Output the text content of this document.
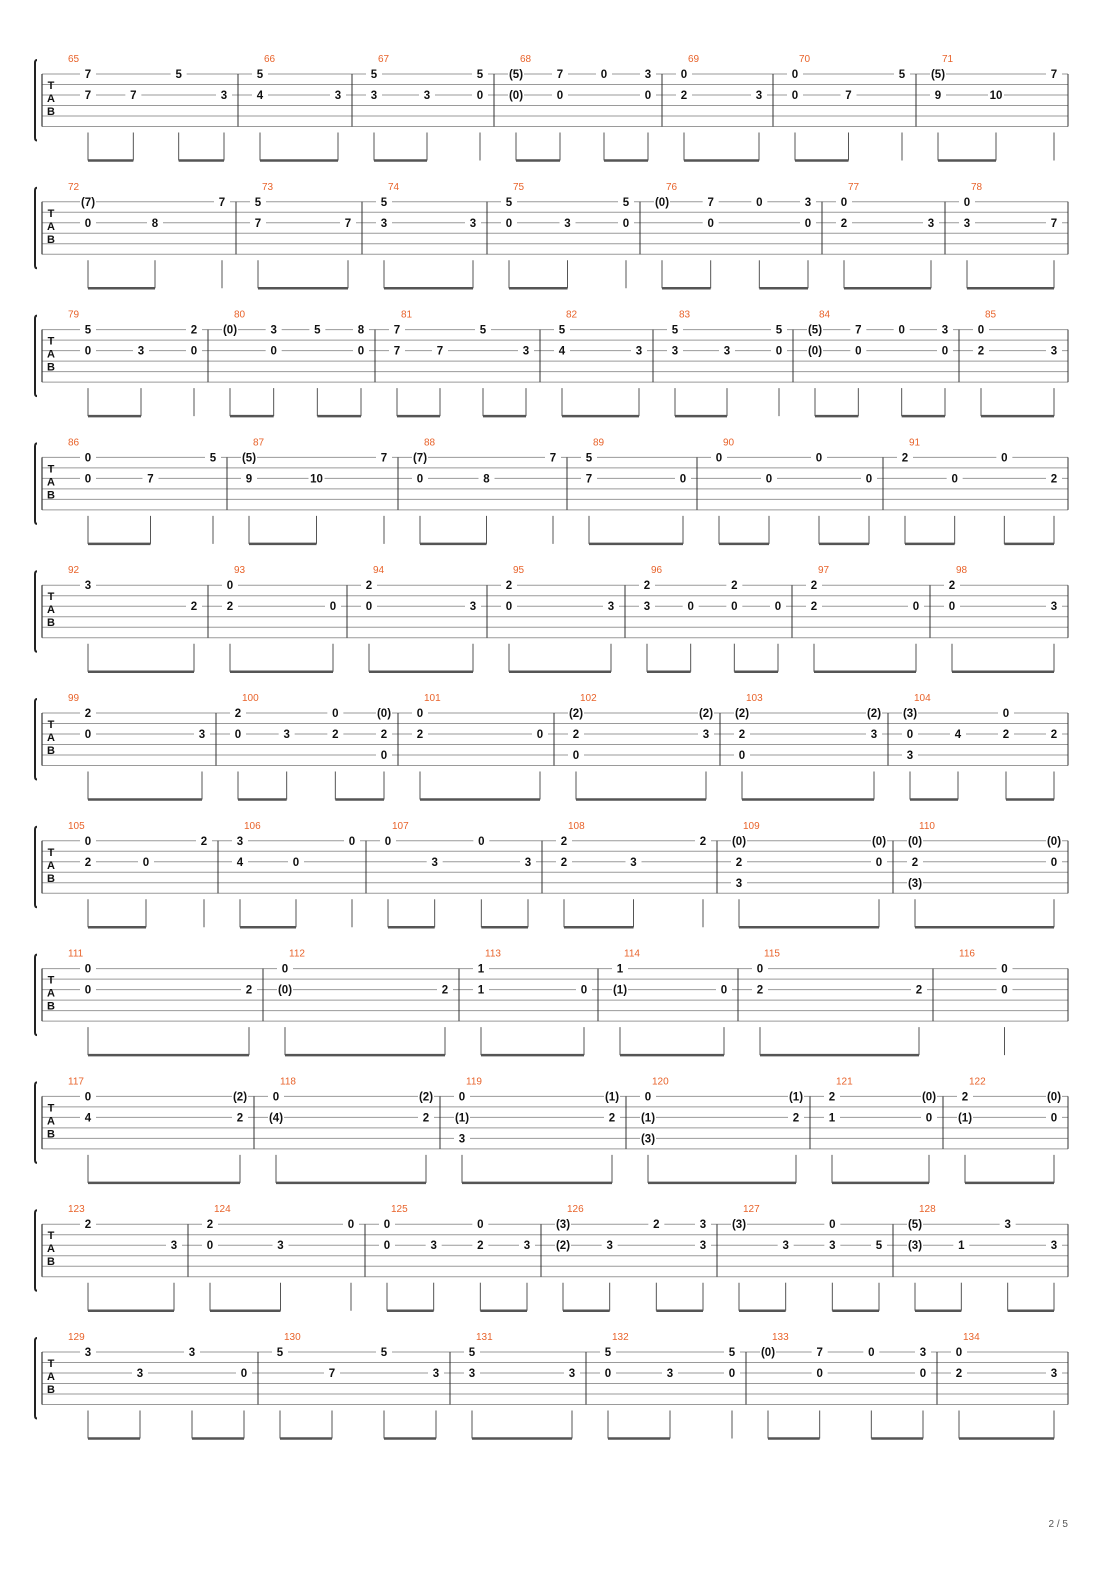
T
A
B
65
7
7	7
5
3
66
5
4	3
67
5
3	3
5
0
68
(5)
(0)
7
0
0	3
0
69
0
2	3
70
0
0	7
5
71
(5)
9	10
7
T
A
B
72
(7)
0	8
7
73
5
7	7
74
5
3	3
75
5
0	3
5
0
76
(0)	7
0
0	3
0
77
0
2	3
78
0
3	7
T
A
B
79
5
0	3
2
0
80
(0)	3
0
5	8
0
81
7
7	7
5
3
82
5
4	3
83
5
3	3
5
0
84
(5)
(0)
7
0
0	3
0
85
0
2	3
T
A
B
86
0
0	7
5
87
(5)
9	10
7
88
(7)
0	8
7
89
5
7	0
90
0
0
0
0
91
2
0
0
2
T
A
B
92
3
2
93
0
2	0
94
2
0	3
95
2
0	3
96
2
3	0
2
0	0
97
2
2	0
98
2
0	3
T
A
B
99
2
0	3
100
2
0	3
0
2
(0)
2
0
101
0
2	0
102
(2)
2
0
(2)
3
103
(2)
2
0
(2)
3
104
(3)
0
3
4
0
2	2
T
A
B
105
0
2	0
2
106
3
4	0
0
107
0
3
0
3
108
2
2	3
2
109
(0)
2
3
(0)
0
110
(0)
2
(3)
(0)
0
T
A
B
111
0
0	2
112
0
(0)	2
113
1
1	0
114
1
(1)	0
115
0
2	2
116
0
0
T
A
B
117
0
4
(2)
2
118
0
(4)
(2)
2
119
0
(1)
3
(1)
2
120
0
(1)
(3)
(1)
2
121
2
1
(0)
0
122
2
(1)
(0)
0
T
A
B
123
2
3
124
2
0	3
0
125
0
0	3
0
2	3
126
(3)
(2)	3
2	3
3
127
(3)
3
0
3	5
128
(5)
(3)	1
3
3
T
A
B
129
3
3
3
0
130
5
7
5
3
131
5
3	3
132
5
0	3
5
0
133
(0)	7
0
0	3
0
134
0
2	3
2 / 5
